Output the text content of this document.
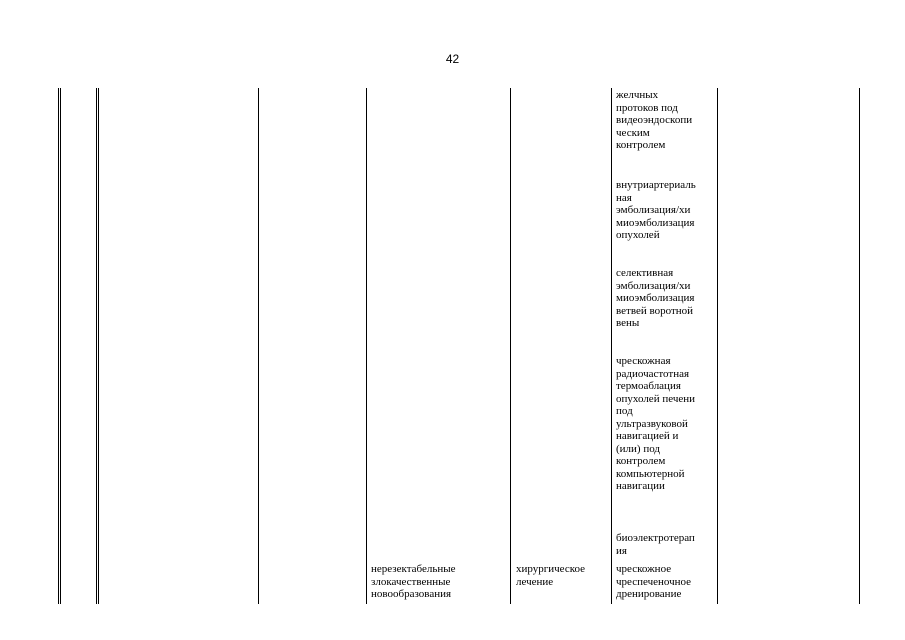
42
нерезектабельные
злокачественные
новообразования
хирургическое
лечение
желчных
протоков под
видеоэндоскопи
ческим
контролем
внутриартериаль
ная
эмболизация/хи
миоэмболизация
опухолей
селективная
эмболизация/хи
миоэмболизация
ветвей воротной
вены
чрескожная
радиочастотная
термоаблация
опухолей печени
под
ультразвуковой
навигацией и
(или) под
контролем
компьютерной
навигации
биоэлектротерап
ия
чрескожное
чреспеченочное
дренирование
